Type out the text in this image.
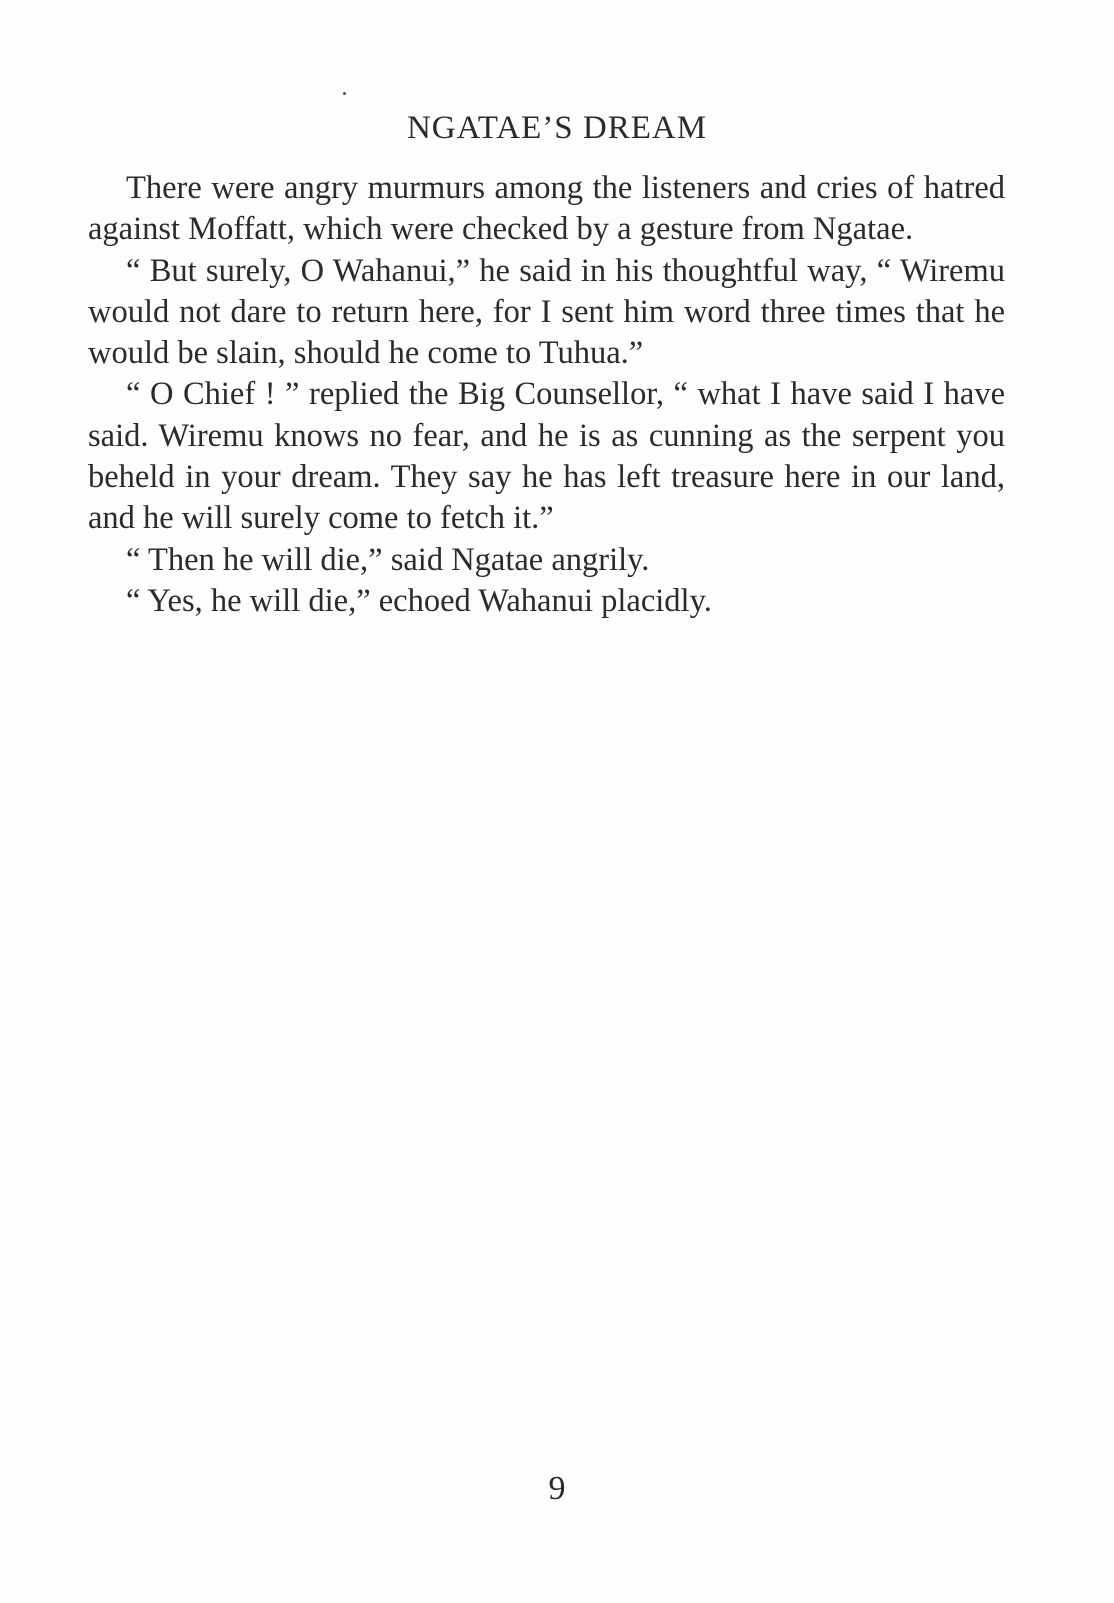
NGATAE’S DREAM

There were angry murmurs among the listeners and cries of hatred against Moffatt, which were checked by a gesture from Ngatae.

“ But surely, O Wahanui,” he said in his thoughtful way, “ Wiremu would not dare to return here, for I sent him word three times that he would be slain, should he come to Tuhua.”

“ O Chief ! ” replied the Big Counsellor, “ what I have said I have said. Wiremu knows no fear, and he is as cunning as the serpent you beheld in your dream. They say he has left treasure here in our land, and he will surely come to fetch it.”

“ Then he will die,” said Ngatae angrily.

“ Yes, he will die,” echoed Wahanui placidly.

9
